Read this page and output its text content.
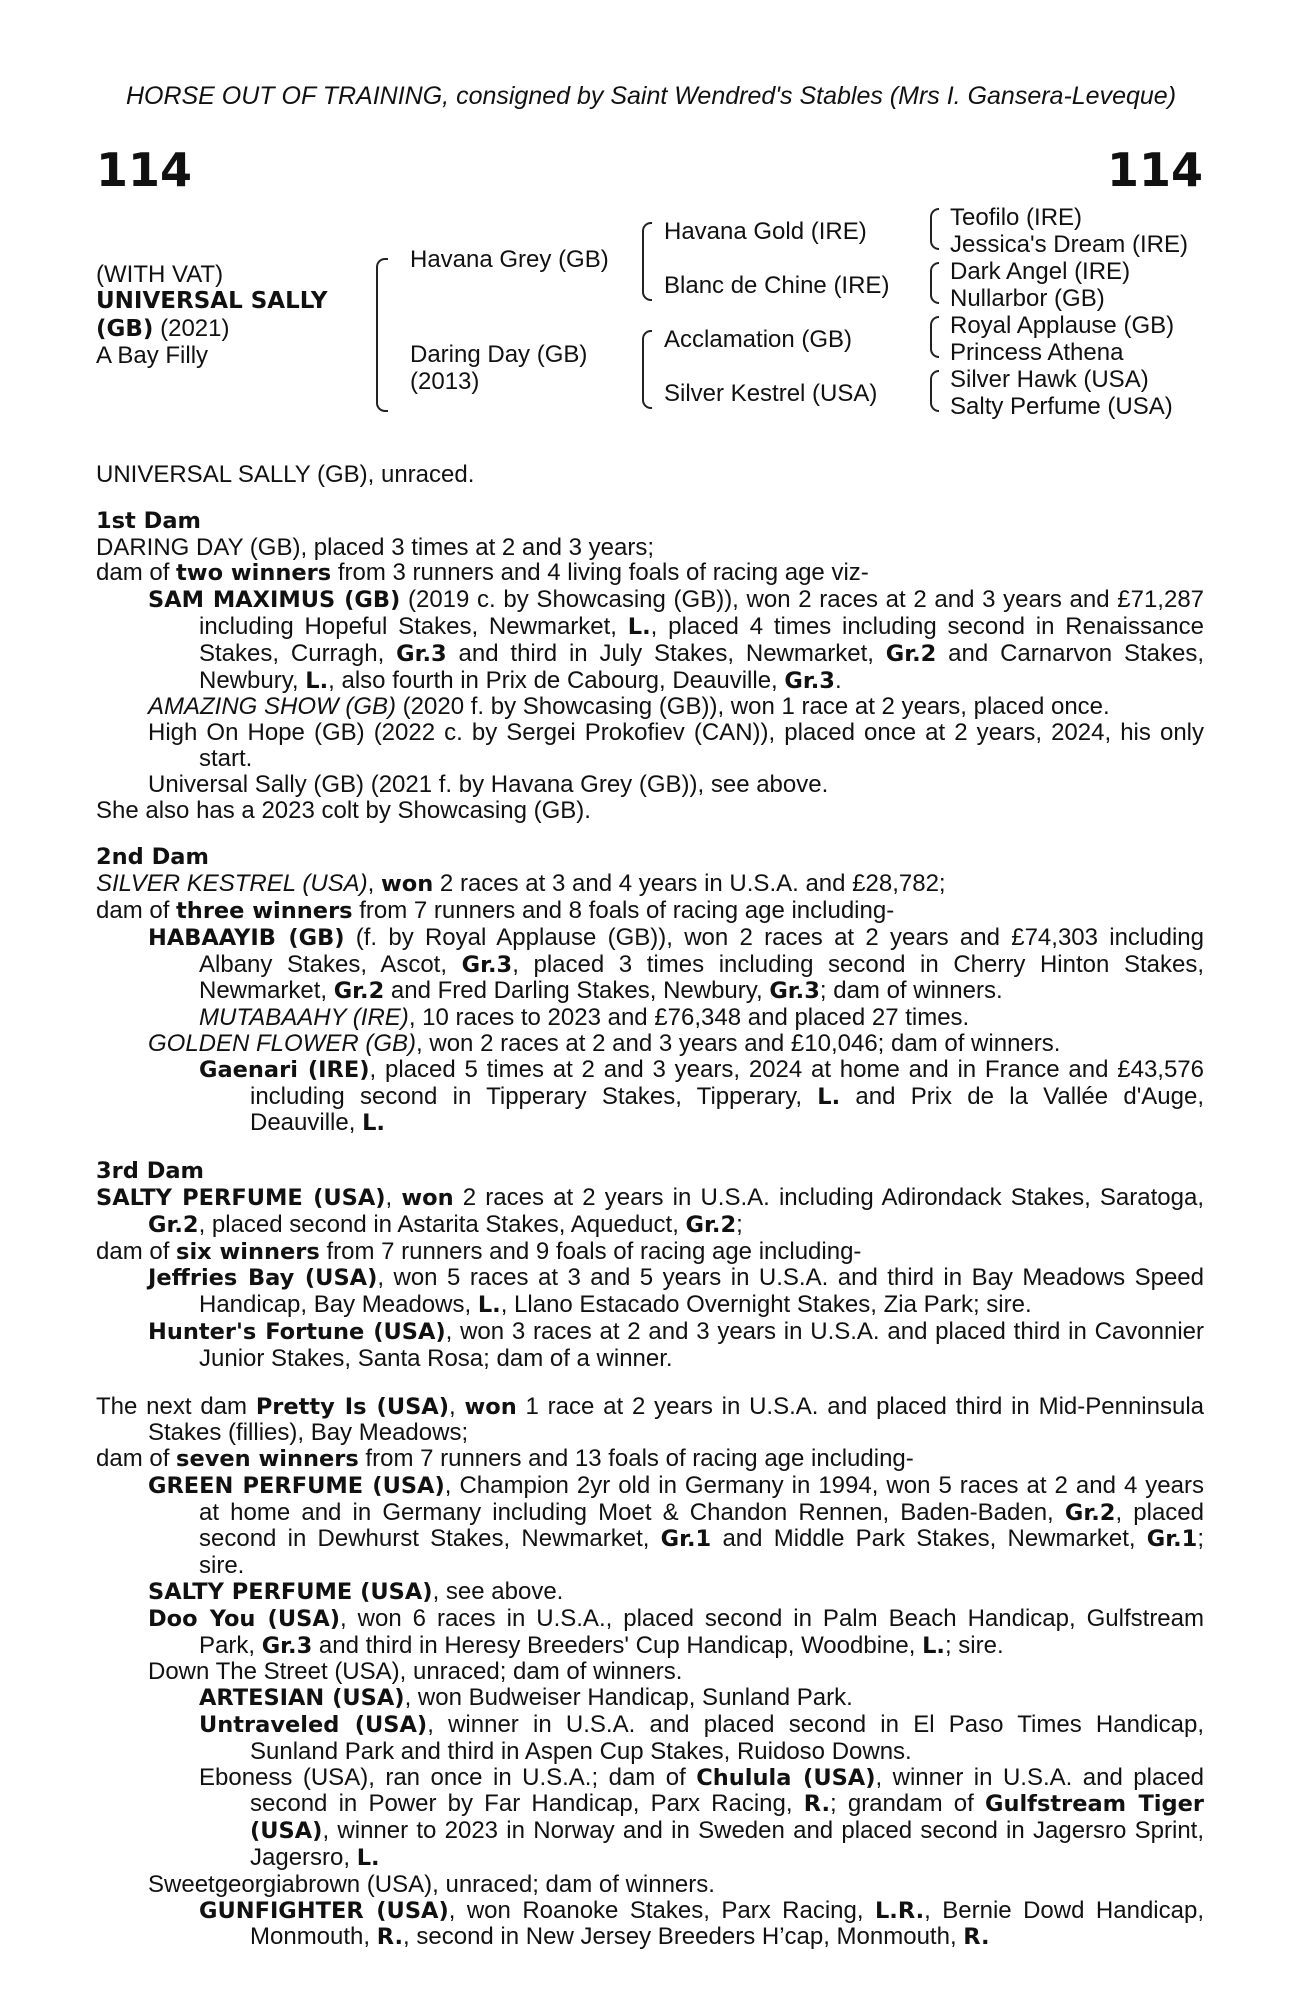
HORSE OUT OF TRAINING, consigned by Saint Wendred's Stables (Mrs I. Gansera-Leveque)
114	114
(WITH VAT)
UNIVERSAL SALLY
(GB) (2021)
A Bay Filly
Havana Grey (GB)
Daring Day (GB)
(2013)
Havana Gold (IRE)
Blanc de Chine (IRE)
Acclamation (GB)
Silver Kestrel (USA)
Teofilo (IRE)
Jessica's Dream (IRE)
Dark Angel (IRE)
Nullarbor (GB)
Royal Applause (GB)
Princess Athena
Silver Hawk (USA)
Salty Perfume (USA)

UNIVERSAL SALLY (GB), unraced.

1st Dam

DARING DAY (GB), placed 3 times at 2 and 3 years;

dam of two winners from 3 runners and 4 living foals of racing age viz-

SAM MAXIMUS (GB) (2019 c. by Showcasing (GB)), won 2 races at 2 and 3 years and £71,287 including Hopeful Stakes, Newmarket, L., placed 4 times including second in Renaissance Stakes, Curragh, Gr.3 and third in July Stakes, Newmarket, Gr.2 and Carnarvon Stakes, Newbury, L., also fourth in Prix de Cabourg, Deauville, Gr.3.

AMAZING SHOW (GB) (2020 f. by Showcasing (GB)), won 1 race at 2 years, placed once.

High On Hope (GB) (2022 c. by Sergei Prokofiev (CAN)), placed once at 2 years, 2024, his only start.

Universal Sally (GB) (2021 f. by Havana Grey (GB)), see above.

She also has a 2023 colt by Showcasing (GB).

2nd Dam

SILVER KESTREL (USA), won 2 races at 3 and 4 years in U.S.A. and £28,782;

dam of three winners from 7 runners and 8 foals of racing age including-

HABAAYIB (GB) (f. by Royal Applause (GB)), won 2 races at 2 years and £74,303 including Albany Stakes, Ascot, Gr.3, placed 3 times including second in Cherry Hinton Stakes, Newmarket, Gr.2 and Fred Darling Stakes, Newbury, Gr.3; dam of winners.

MUTABAAHY (IRE), 10 races to 2023 and £76,348 and placed 27 times.

GOLDEN FLOWER (GB), won 2 races at 2 and 3 years and £10,046; dam of winners.

Gaenari (IRE), placed 5 times at 2 and 3 years, 2024 at home and in France and £43,576 including second in Tipperary Stakes, Tipperary, L. and Prix de la Vallée d'Auge, Deauville, L.

3rd Dam

SALTY PERFUME (USA), won 2 races at 2 years in U.S.A. including Adirondack Stakes, Saratoga, Gr.2, placed second in Astarita Stakes, Aqueduct, Gr.2;

dam of six winners from 7 runners and 9 foals of racing age including-

Jeffries Bay (USA), won 5 races at 3 and 5 years in U.S.A. and third in Bay Meadows Speed Handicap, Bay Meadows, L., Llano Estacado Overnight Stakes, Zia Park; sire.

Hunter's Fortune (USA), won 3 races at 2 and 3 years in U.S.A. and placed third in Cavonnier Junior Stakes, Santa Rosa; dam of a winner.

The next dam Pretty Is (USA), won 1 race at 2 years in U.S.A. and placed third in Mid-Penninsula Stakes (fillies), Bay Meadows;

dam of seven winners from 7 runners and 13 foals of racing age including-

GREEN PERFUME (USA), Champion 2yr old in Germany in 1994, won 5 races at 2 and 4 years at home and in Germany including Moet & Chandon Rennen, Baden-Baden, Gr.2, placed second in Dewhurst Stakes, Newmarket, Gr.1 and Middle Park Stakes, Newmarket, Gr.1; sire.

SALTY PERFUME (USA), see above.

Doo You (USA), won 6 races in U.S.A., placed second in Palm Beach Handicap, Gulfstream Park, Gr.3 and third in Heresy Breeders' Cup Handicap, Woodbine, L.; sire.

Down The Street (USA), unraced; dam of winners.

ARTESIAN (USA), won Budweiser Handicap, Sunland Park.

Untraveled (USA), winner in U.S.A. and placed second in El Paso Times Handicap, Sunland Park and third in Aspen Cup Stakes, Ruidoso Downs.

Eboness (USA), ran once in U.S.A.; dam of Chulula (USA), winner in U.S.A. and placed second in Power by Far Handicap, Parx Racing, R.; grandam of Gulfstream Tiger (USA), winner to 2023 in Norway and in Sweden and placed second in Jagersro Sprint, Jagersro, L.

Sweetgeorgiabrown (USA), unraced; dam of winners.

GUNFIGHTER (USA), won Roanoke Stakes, Parx Racing, L.R., Bernie Dowd Handicap, Monmouth, R., second in New Jersey Breeders H’cap, Monmouth, R.
